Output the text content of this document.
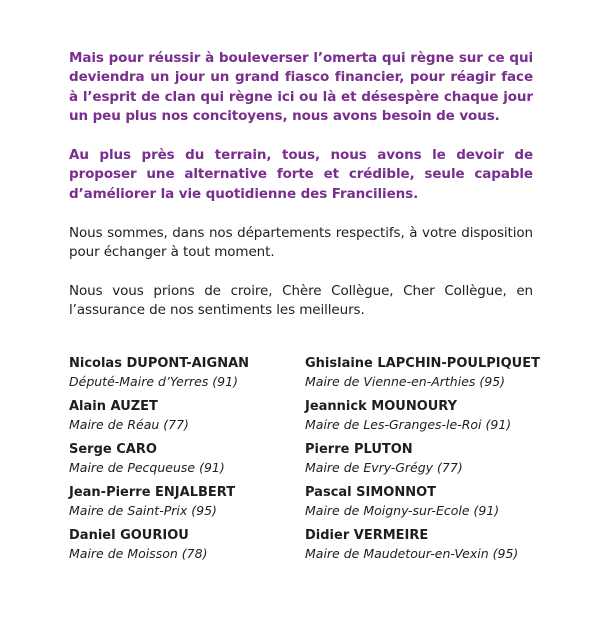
Mais pour réussir à bouleverser l’omerta qui règne sur ce qui deviendra un jour un grand fiasco financier, pour réagir face à l’esprit de clan qui règne ici ou là et désespère chaque jour un peu plus nos concitoyens, nous avons besoin de vous.

Au plus près du terrain, tous, nous avons le devoir de proposer une alternative forte et crédible, seule capable d’améliorer la vie quotidienne des Franciliens.

Nous sommes, dans nos départements respectifs, à votre disposition pour échanger à tout moment.

Nous vous prions de croire, Chère Collègue, Cher Collègue, en l’assurance de nos sentiments les meilleurs.

Nicolas DUPONT-AIGNAN
Député-Maire d’Yerres (91)
Alain AUZET
Maire de Réau (77)
Serge CARO
Maire de Pecqueuse (91)
Jean-Pierre ENJALBERT
Maire de Saint-Prix (95)
Daniel GOURIOU
Maire de Moisson (78)
Ghislaine LAPCHIN-POULPIQUET
Maire de Vienne-en-Arthies (95)
Jeannick MOUNOURY
Maire de Les-Granges-le-Roi (91)
Pierre PLUTON
Maire de Evry-Grégy (77)
Pascal SIMONNOT
Maire de Moigny-sur-Ecole (91)
Didier VERMEIRE
Maire de Maudetour-en-Vexin (95)
